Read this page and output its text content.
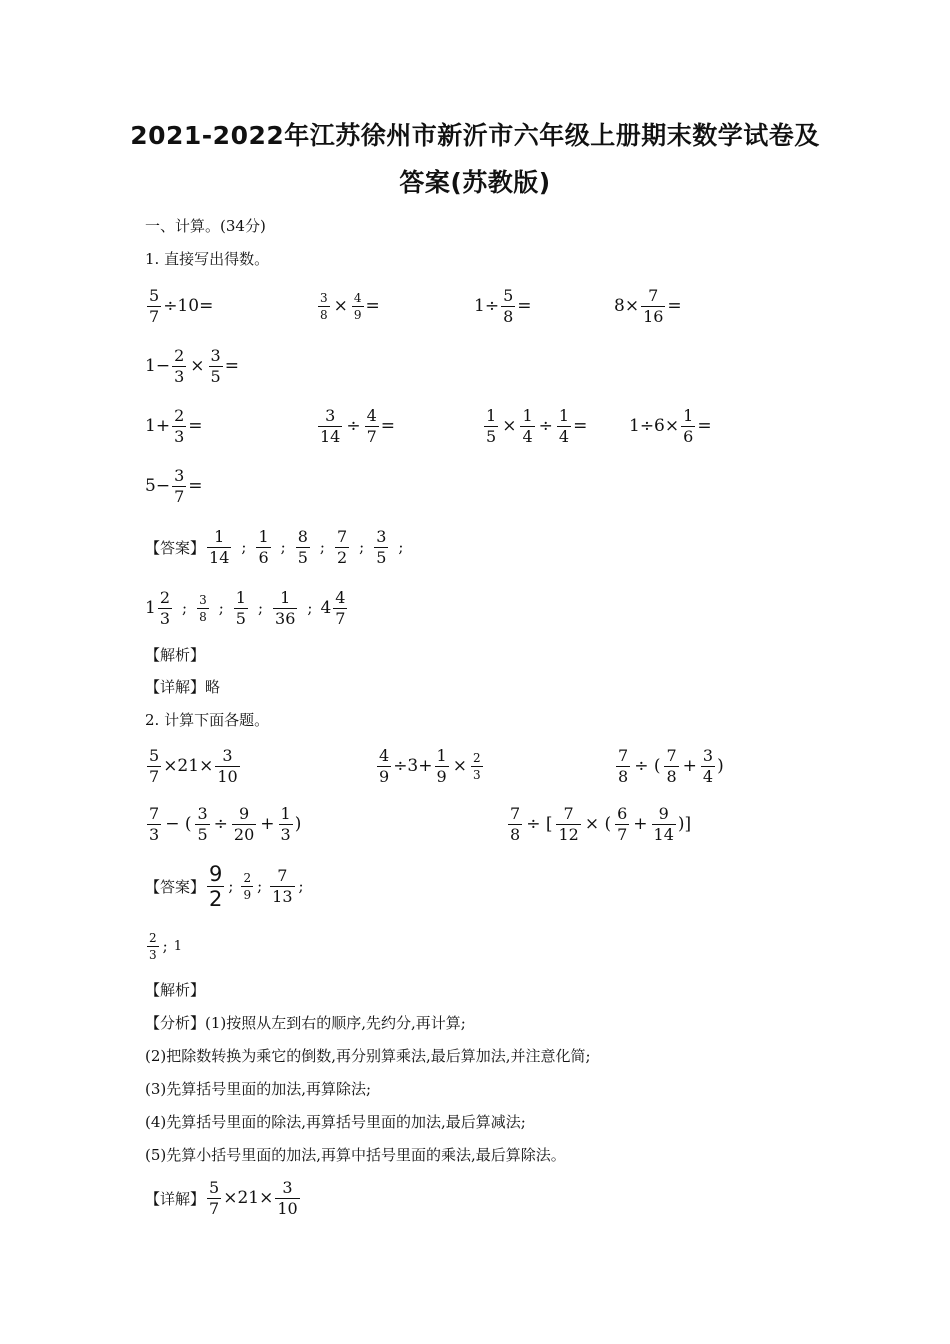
2021-2022年江苏徐州市新沂市六年级上册期末数学试卷及
答案(苏教版)
一、计算。(34分)
1. 直接写出得数。
$\frac{5}{7} \div 10=$	$\frac{3}{8} \times \frac{4}{9}$ =	$1\div \frac{5}{8}$ =	$8\times \frac{7}{16}$ =
$1- \frac{2}{3} \times \frac{3}{5}$ =
$1+ \frac{2}{3}$ =	$\frac{3}{14} \div \frac{4}{7}$ =	$\frac{1}{5} \times \frac{1}{4} \div \frac{1}{4} = 1\div 6\times \frac{1}{6}$ =
$5- \frac{3}{7}$ =
【答案】 $\frac{1}{14}$ ; $\frac{1}{6}$ ; $\frac{8}{5}$ ; $\frac{7}{2}$ ; $\frac{3}{5}$ ;
$1 \frac{2}{3}$ ; $\frac{3}{8}$ ; $\frac{1}{5}$ ; $\frac{1}{36}$ ; $4 \frac{4}{7}$
【解析】
【详解】略
2. 计算下面各题。
$\frac{5}{7} \times 21\times \frac{3}{10}$	$\frac{4}{9} \div 3+ \frac{1}{9} \times \frac{2}{3}$	$\frac{7}{8}$ ÷ ( $\frac{7}{8} + \frac{3}{4}$ )
$\frac{7}{3}$ − ( $\frac{3}{5} \div \frac{9}{20} + \frac{1}{3}$ )	$\frac{7}{8}$ ÷ [ $\frac{7}{12}$ × ( $\frac{6}{7} + \frac{9}{14}$ )]
【答案】 $\frac{9}{2}$ ; $\frac{2}{9}$ ; $\frac{7}{13}$ ;
$\frac{2}{3}$ ; 1
【解析】
【分析】(1)按照从左到右的顺序,先约分,再计算;
(2)把除数转换为乘它的倒数,再分别算乘法,最后算加法,并注意化简;
(3)先算括号里面的加法,再算除法;
(4)先算括号里面的除法,再算括号里面的加法,最后算减法;
(5)先算小括号里面的加法,再算中括号里面的乘法,最后算除法。
【详解】 $\frac{5}{7} \times 21\times \frac{3}{10}$
